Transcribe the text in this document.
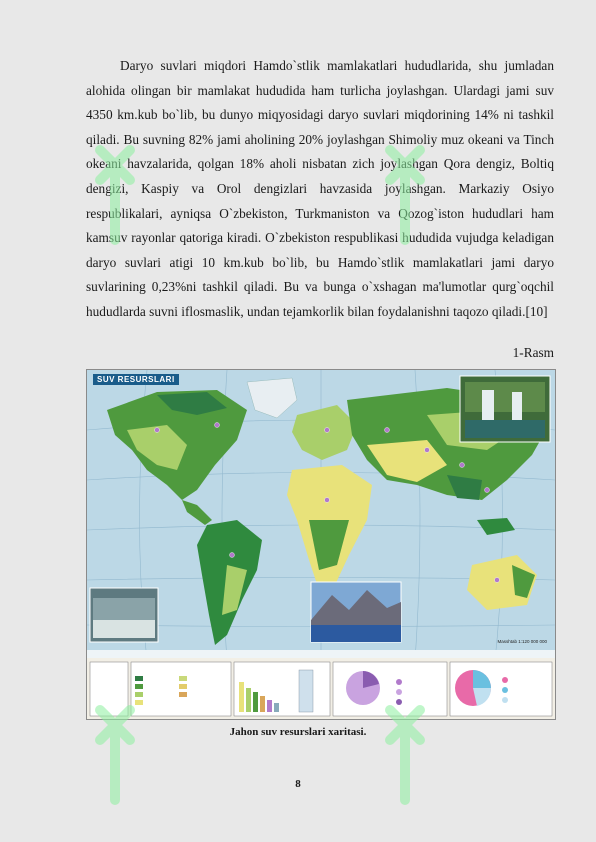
Daryo suvlari miqdori Hamdo`stlik mamlakatlari hududlarida, shu jumladan alohida olingan bir mamlakat hududida ham turlicha joylashgan. Ulardagi jami suv 4350 km.kub bo`lib, bu dunyo miqyosidagi daryo suvlari miqdorining 14% ni tashkil qiladi. Bu suvning 82% jami aholining 20% joylashgan Shimoliy muz okeani va Tinch okeani havzalarida, qolgan 18% aholi nisbatan zich joylashgan Qora dengiz, Boltiq dengizi, Kaspiy va Orol dengizlari havzasida joylashgan. Markaziy Osiyo respublikalari, ayniqsa O`zbekiston, Turkmaniston va Qozog`iston hududlari ham kamsuv rayonlar qatoriga kiradi. O`zbekiston respublikasi hududida vujudga keladigan daryo suvlari atigi 10 km.kub bo`lib, bu Hamdo`stlik mamlakatlari jami daryo suvlarining 0,23%ni tashkil qiladi. Bu va bunga o`xshagan ma'lumotlar qurg`oqchil hududlarda suvni iflosmaslik, undan tejamkorlik bilan foydalanishni taqozo qiladi.[10]

1-Rasm
SUV RESURSLARI
Masshtab 1:120 000 000
Jahon suv resurslari xaritasi.
8
